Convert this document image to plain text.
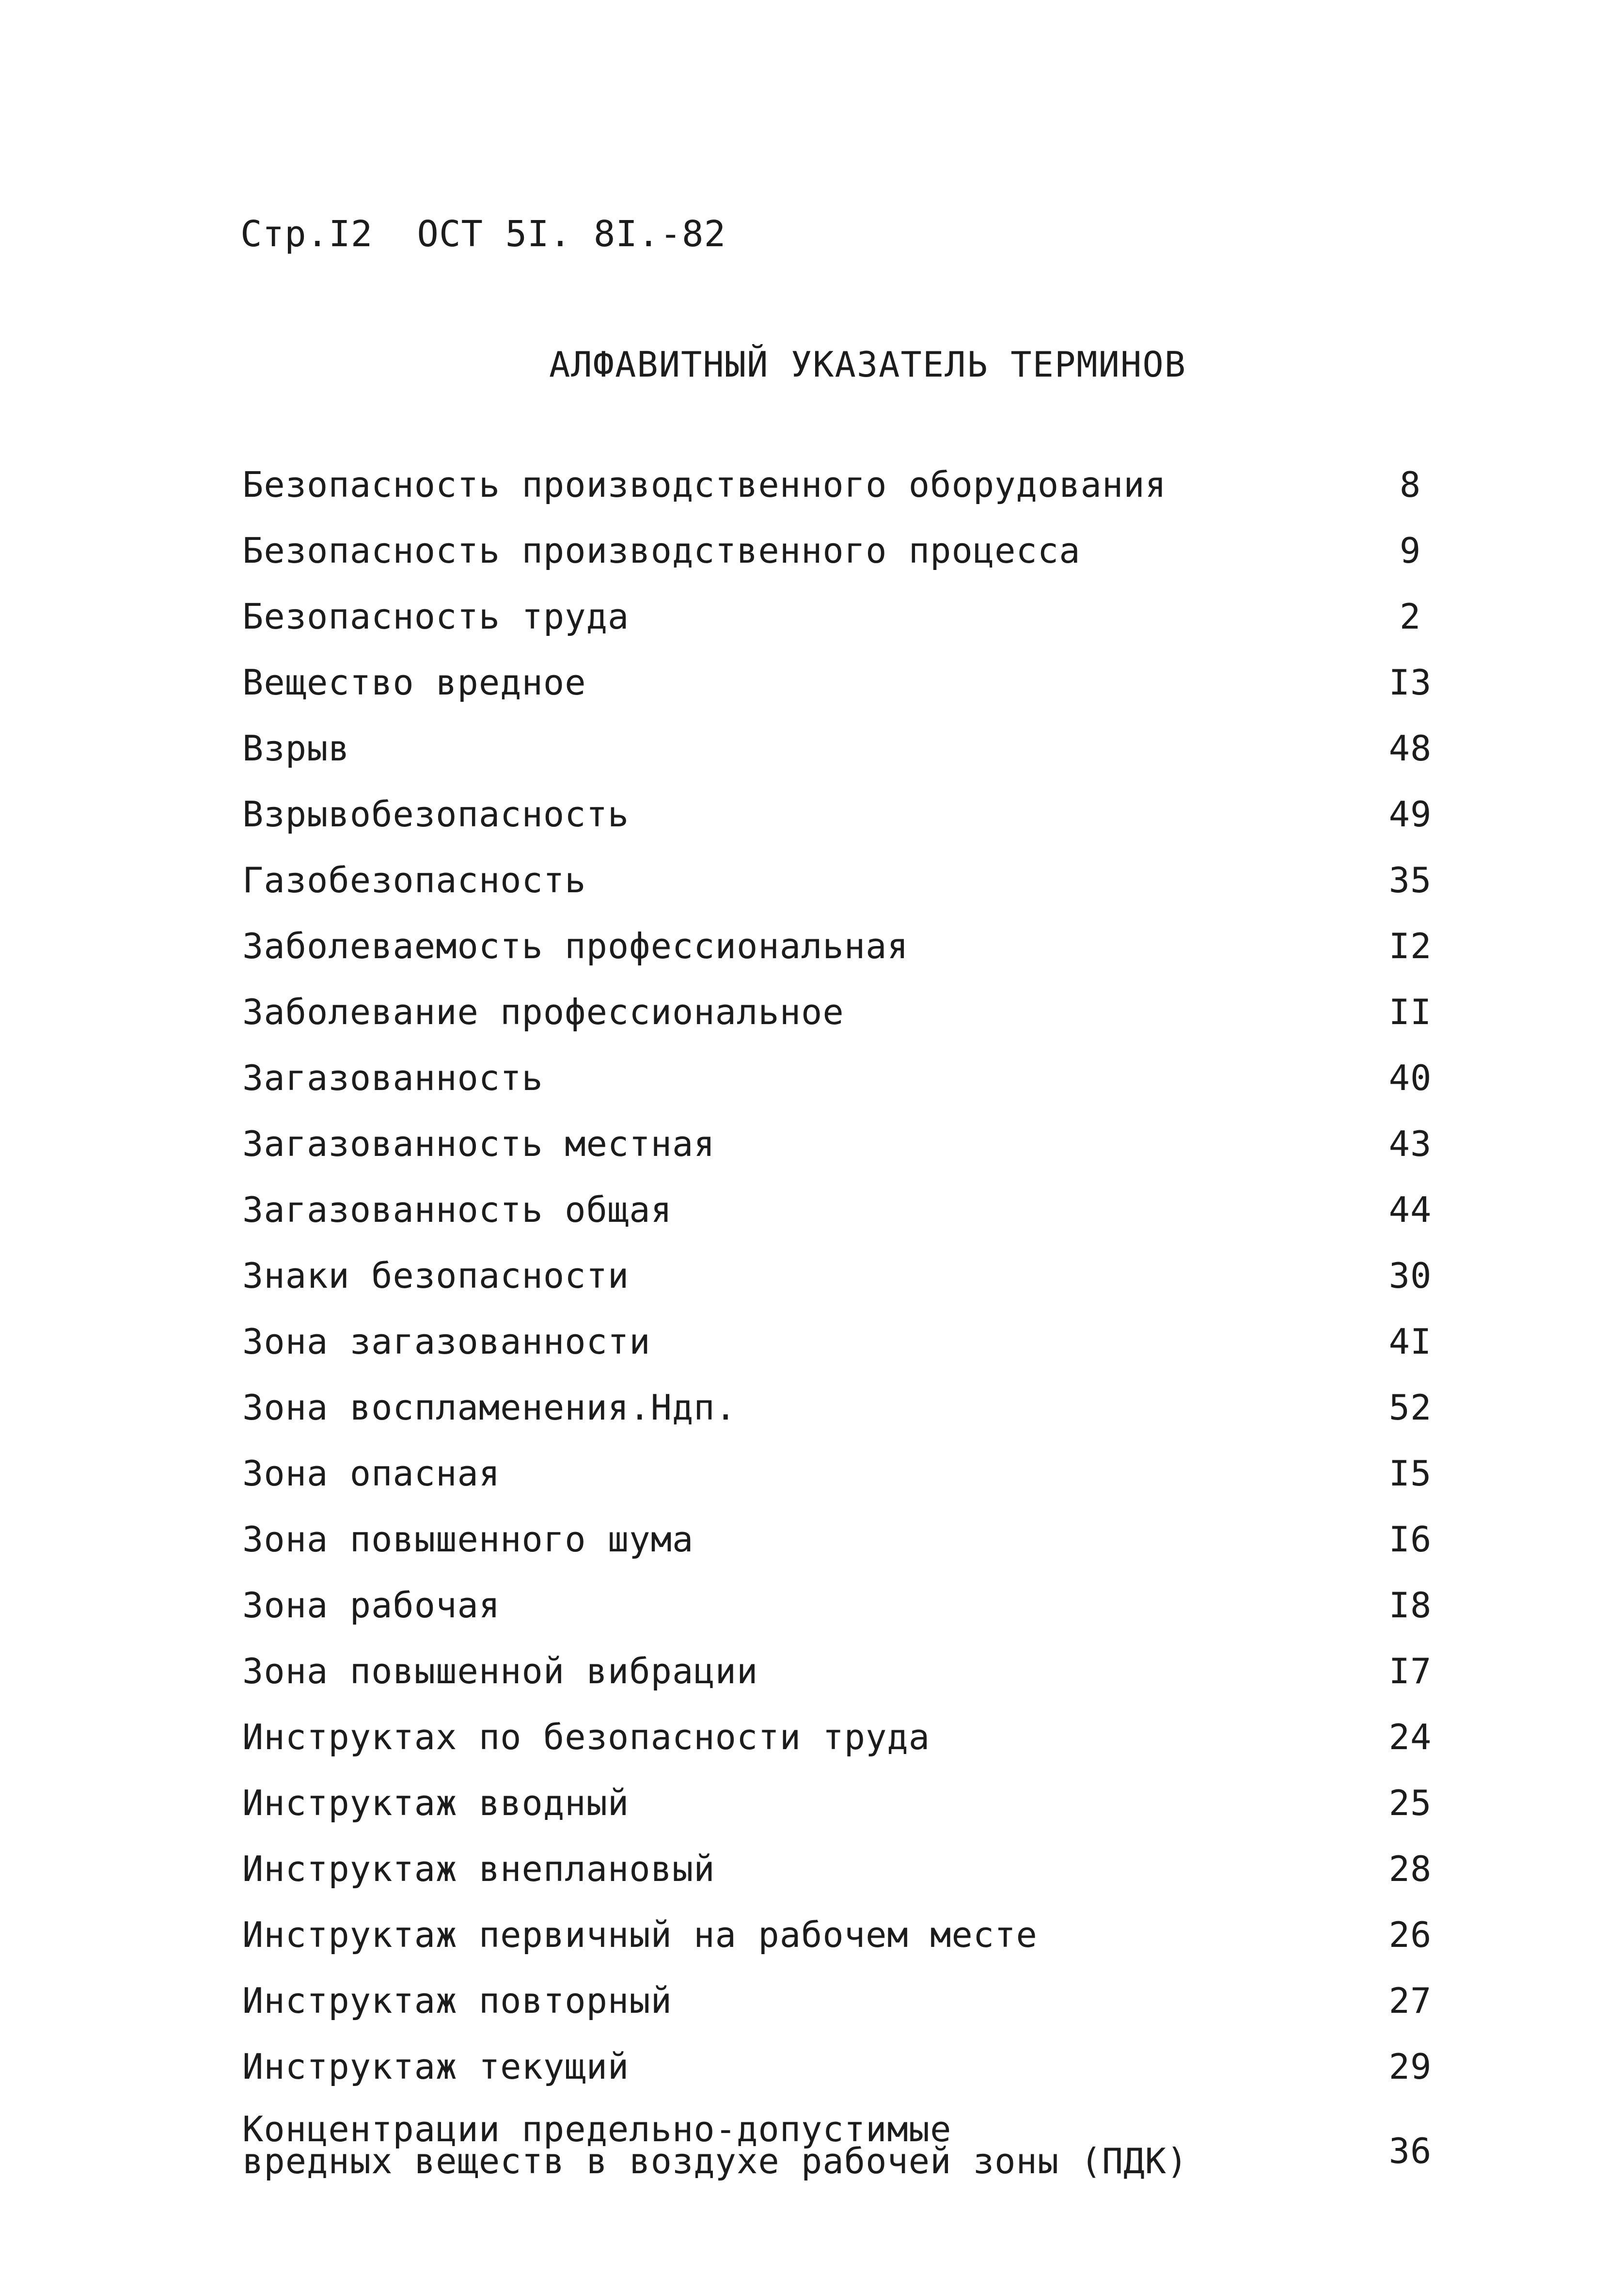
Стр.I2 ОСТ 5I. 8I.-82
АЛФАВИТНЫЙ УКАЗАТЕЛЬ ТЕРМИНОВ
Безопасность производственного оборудования	8
Безопасность производственного процесса	9
Безопасность труда	2
Вещество вредное	I3
Взрыв	48
Взрывобезопасность	49
Газобезопасность	35
Заболеваемость профессиональная	I2
Заболевание профессиональное	II
Загазованность	40
Загазованность местная	43
Загазованность общая	44
Знаки безопасности	30
Зона загазованности	4I
Зона воспламенения.Ндп.	52
Зона опасная	I5
Зона повышенного шума	I6
Зона рабочая	I8
Зона повышенной вибрации	I7
Инструктах по безопасности труда	24
Инструктаж вводный	25
Инструктаж внеплановый	28
Инструктаж первичный на рабочем месте	26
Инструктаж повторный	27
Инструктаж текущий	29
Концентрации предельно-допустимые
вредных веществ в воздухе рабочей зоны (ПДК)	36
